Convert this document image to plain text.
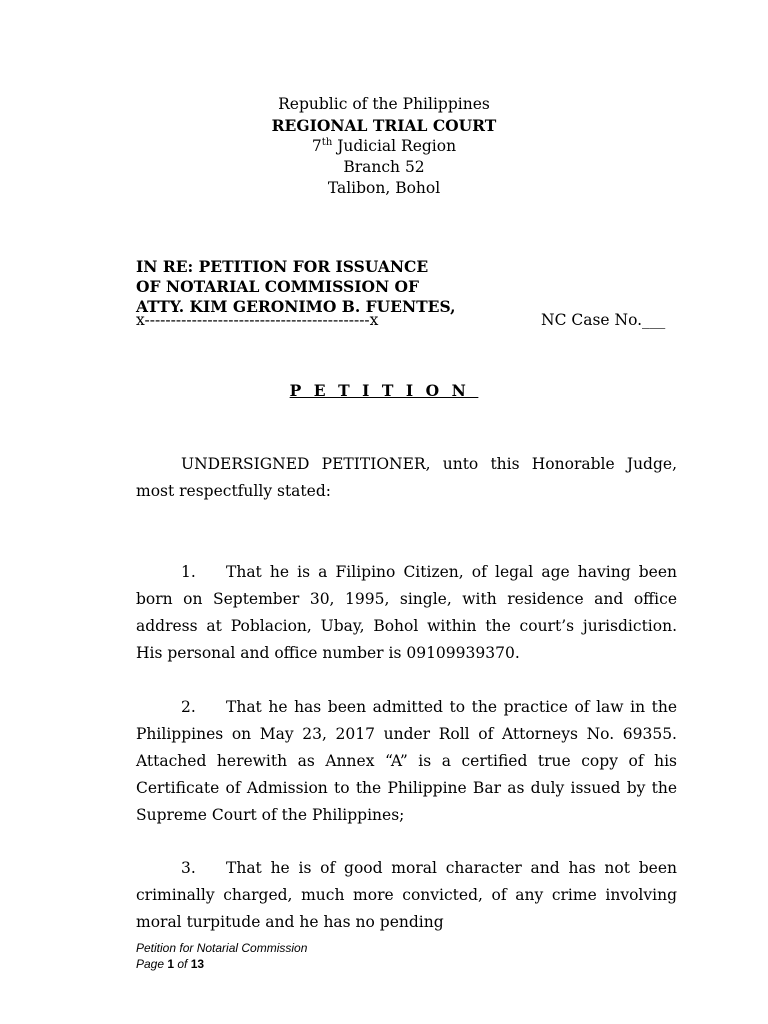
Republic of the Philippines
REGIONAL TRIAL COURT
7th Judicial Region
Branch 52
Talibon, Bohol
IN RE: PETITION FOR ISSUANCE
OF NOTARIAL COMMISSION OF
ATTY. KIM GERONIMO B. FUENTES,
x-------------------------------------------x	NC Case No.___
PETITION
UNDERSIGNED PETITIONER, unto this Honorable Judge, most respectfully stated:
1. That he is a Filipino Citizen, of legal age having been born on September 30, 1995, single, with residence and office address at Poblacion, Ubay, Bohol within the court’s jurisdiction. His personal and office number is 09109939370.
2. That he has been admitted to the practice of law in the Philippines on May 23, 2017 under Roll of Attorneys No. 69355. Attached herewith as Annex “A” is a certified true copy of his Certificate of Admission to the Philippine Bar as duly issued by the Supreme Court of the Philippines;
3. That he is of good moral character and has not been criminally charged, much more convicted, of any crime involving moral turpitude and he has no pending
Petition for Notarial Commission
Page 1 of 13
